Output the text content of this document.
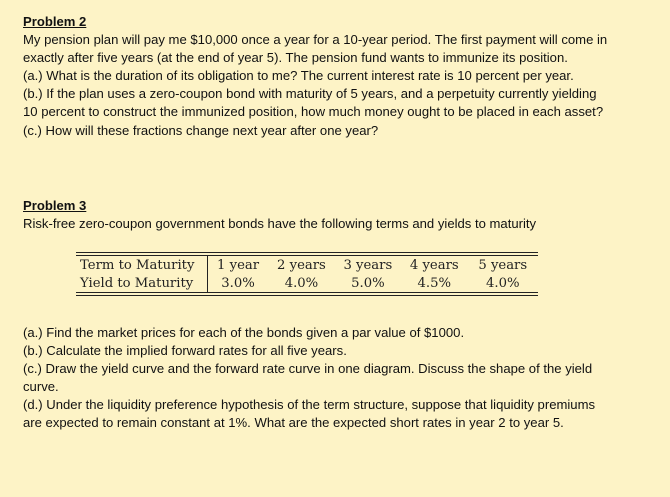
Problem 2
My pension plan will pay me $10,000 once a year for a 10-year period. The first payment will come in
exactly after five years (at the end of year 5). The pension fund wants to immunize its position.
(a.) What is the duration of its obligation to me? The current interest rate is 10 percent per year.
(b.) If the plan uses a zero-coupon bond with maturity of 5 years, and a perpetuity currently yielding
10 percent to construct the immunized position, how much money ought to be placed in each asset?
(c.) How will these fractions change next year after one year?
Problem 3
Risk-free zero-coupon government bonds have the following terms and yields to maturity
Term to Maturity	1 year	2 years	3 years	4 years	5 years
Yield to Maturity	3.0%	4.0%	5.0%	4.5%	4.0%
(a.) Find the market prices for each of the bonds given a par value of $1000.
(b.) Calculate the implied forward rates for all five years.
(c.) Draw the yield curve and the forward rate curve in one diagram. Discuss the shape of the yield
curve.
(d.) Under the liquidity preference hypothesis of the term structure, suppose that liquidity premiums
are expected to remain constant at 1%. What are the expected short rates in year 2 to year 5.
